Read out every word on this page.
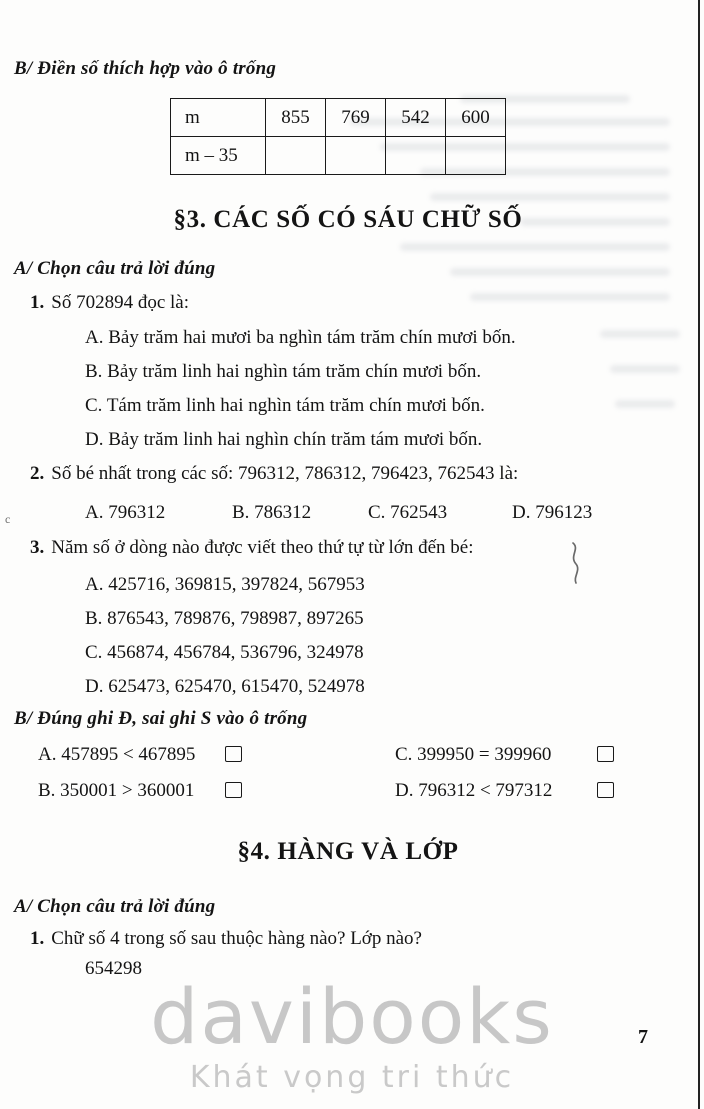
B/ Điền số thích hợp vào ô trống
m	855	769	542	600
m – 35				
§3. CÁC SỐ CÓ SÁU CHỮ SỐ
A/ Chọn câu trả lời đúng
1. Số 702894 đọc là:
A. Bảy trăm hai mươi ba nghìn tám trăm chín mươi bốn.
B. Bảy trăm linh hai nghìn tám trăm chín mươi bốn.
C. Tám trăm linh hai nghìn tám trăm chín mươi bốn.
D. Bảy trăm linh hai nghìn chín trăm tám mươi bốn.
2. Số bé nhất trong các số: 796312, 786312, 796423, 762543 là:
A. 796312	B. 786312	C. 762543	D. 796123
3. Năm số ở dòng nào được viết theo thứ tự từ lớn đến bé:
A. 425716, 369815, 397824, 567953
B. 876543, 789876, 798987, 897265
C. 456874, 456784, 536796, 324978
D. 625473, 625470, 615470, 524978
B/ Đúng ghi Đ, sai ghi S vào ô trống
A. 457895 < 467895	C. 399950 = 399960
B. 350001 > 360001	D. 796312 < 797312
§4. HÀNG VÀ LỚP
A/ Chọn câu trả lời đúng
1. Chữ số 4 trong số sau thuộc hàng nào? Lớp nào?
654298
davibooks
Khát vọng tri thức
7
c
